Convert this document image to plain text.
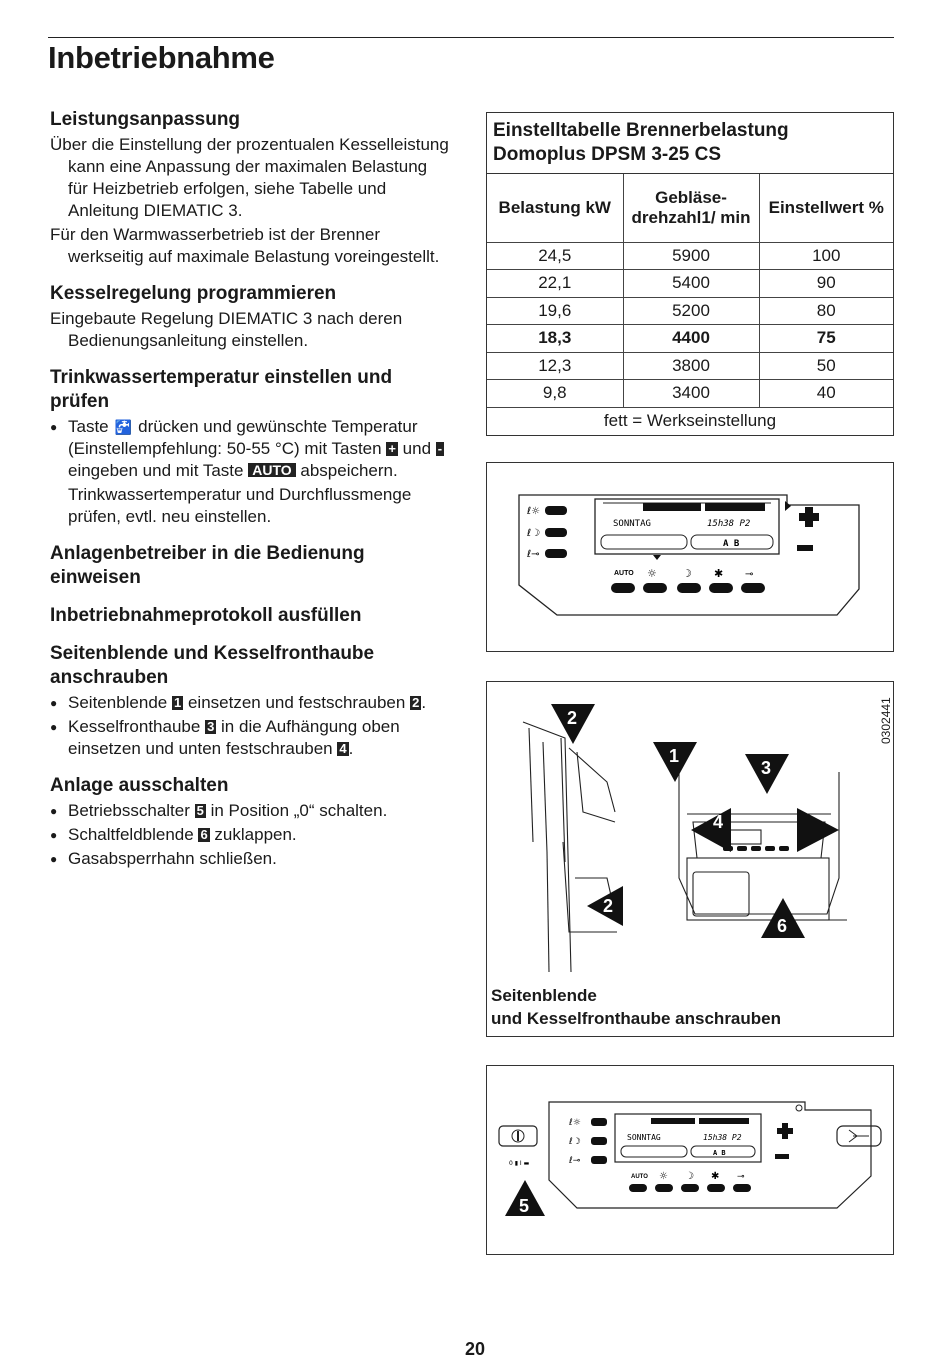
Inbetriebnahme
Leistungsanpassung

Über die Einstellung der prozentualen Kesselleistung kann eine Anpassung der maximalen Belastung für Heizbetrieb erfolgen, siehe Tabelle und Anleitung DIEMATIC 3.

Für den Warmwasserbetrieb ist der Brenner werkseitig auf maximale Belastung voreingestellt.

Kesselregelung programmieren

Eingebaute Regelung DIEMATIC 3 nach deren Bedienungsanleitung einstellen.

Trinkwassertemperatur einstellen und prüfen

● Taste 🚰 drücken und gewünschte Temperatur (Einstellempfehlung: 50-55 °C) mit Tasten + und - eingeben und mit Taste AUTO abspeichern.

Trinkwassertemperatur und Durchflussmenge prüfen, evtl. neu einstellen.

Anlagenbetreiber in die Bedienung einweisen
Inbetriebnahmeprotokoll ausfüllen
Seitenblende und Kesselfronthaube anschrauben

● Seitenblende 1 einsetzen und festschrauben 2 .

● Kesselfronthaube 3 in die Aufhängung oben einsetzen und unten festschrauben 4 .

Anlage ausschalten

● Betriebsschalter 5 in Position „0“ schalten.

● Schaltfeldblende 6 zuklappen.

● Gasabsperrhahn schließen.

Einstelltabelle Brennerbelastung
Domoplus DPSM 3-25 CS
Belastung kW	Gebläse-drehzahl1/ min	Einstellwert %
24,5	5900	100
22,1	5400	90
19,6	5200	80
18,3	4400	75
12,3	3800	50
9,8	3400	40
fett = Werkseinstellung		
ℓ☼
ℓ☽
ℓ⊸
SONNTAG	15h38 P2
A B
AUTO ☼ ☽ ✱ ⊸
2
1
3
4
4
2
6
0302441
Seitenblende
und Kesselfronthaube anschrauben
0 ▮ I ▬
ℓ☼
ℓ☽
ℓ⊸
SONNTAG	15h38 P2
A B
AUTO ☼ ☽ ✱ ⊸
5
20
